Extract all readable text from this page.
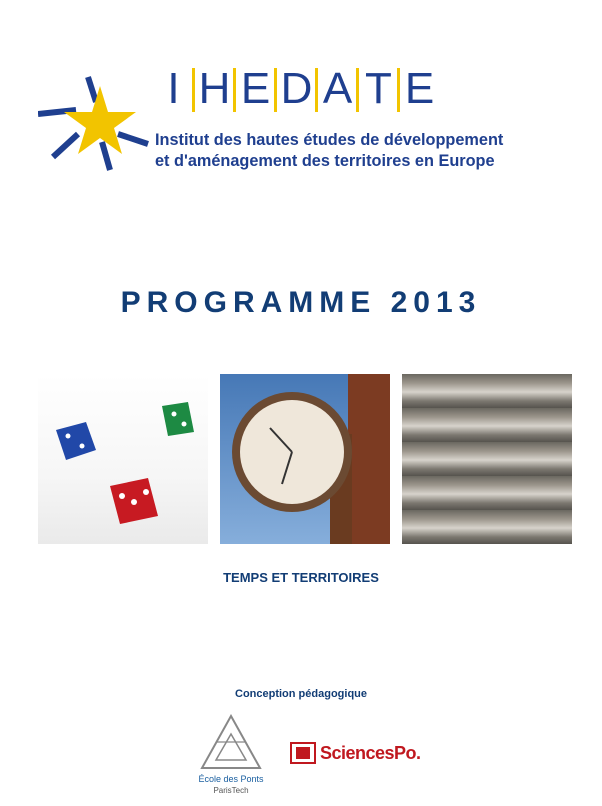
I H E D A T E
Institut des hautes études de développement
et d'aménagement des territoires en Europe
PROGRAMME 2013
TEMPS ET TERRITOIRES
Conception pédagogique
École des Ponts
ParisTech
SciencesPo.
